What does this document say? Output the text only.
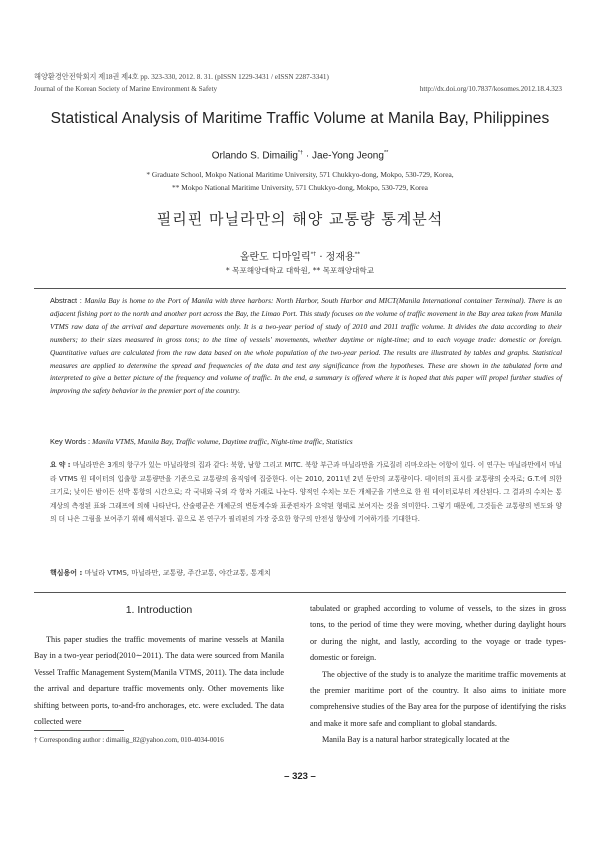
해양환경안전학회지 제18권 제4호 pp. 323-330, 2012. 8. 31. (pISSN 1229-3431 / eISSN 2287-3341)
Journal of the Korean Society of Marine Environment & Safety	http://dx.doi.org/10.7837/kosomes.2012.18.4.323
Statistical Analysis of Maritime Traffic Volume at Manila Bay, Philippines
Orlando S. Dimailig*† · Jae-Yong Jeong**
* Graduate School, Mokpo National Maritime University, 571 Chukkyo-dong, Mokpo, 530-729, Korea,
** Mokpo National Maritime University, 571 Chukkyo-dong, Mokpo, 530-729, Korea
필리핀 마닐라만의 해양 교통량 통계분석
올란도 디마일릭*† · 정재용**
* 목포해양대학교 대학원, ** 목포해양대학교
Abstract : Manila Bay is home to the Port of Manila with three harbors: North Harbor, South Harbor and MICT(Manila International container Terminal). There is an adjacent fishing port to the north and another port across the Bay, the Limao Port. This study focuses on the volume of traffic movement in the Bay area taken from Manila VTMS raw data of the arrival and departure movements only. It is a two-year period of study of 2010 and 2011 traffic volume. It divides the data according to their numbers; to their sizes measured in gross tons; to the time of vessels' movements, whether daytime or night-time; and to each voyage trade: domestic or foreign. Quantitative values are calculated from the raw data based on the whole population of the two-year period. The results are illustrated by tables and graphs. Statistical measures are applied to determine the spread and frequencies of the data and test any significance from the hypotheses. These are shown in the tabulated form and interpreted to give a better picture of the frequency and volume of traffic. In the end, a summary is offered where it is hoped that this paper will propel further studies of improving the safety behavior in the premier port of the country.
Key Words : Manila VTMS, Manila Bay, Traffic volume, Daytime traffic, Night-time traffic, Statistics
요 약 : 마닐라만은 3개의 항구가 있는 마닐라항의 집과 같다: 북항, 남항 그리고 MITC. 북항 부근과 마닐라만을 가로질러 리마오라는 어항이 있다. 이 연구는 마닐라만에서 마닐라 VTMS 원 데이터의 입출항 교통량만을 기준으로 교통량의 움직임에 집중한다. 이는 2010, 2011년 2년 동안의 교통량이다. 데이터의 표시를 교통량의 숫자로; G.T.에 의한 크기로; 낮이든 밤이든 선박 통항의 시간으로; 각 국내와 국외 각 항차 거래로 나눈다. 양적인 수치는 모든 개체군을 기반으로 한 원 데이터로부터 계산된다. 그 결과의 수치는 통계상의 측정된 표와 그래프에 의해 나타난다, 산술평균은 개체군의 변동계수와 표준편차가 요약된 형태로 보여지는 것을 의미한다. 그렇기 때문에, 그것들은 교통량의 빈도와 양의 더 나은 그림을 보여주기 위해 해석된다. 끝으로 본 연구가 필리핀의 가장 중요한 항구의 안전성 향상에 기여하기를 기대한다.
핵심용어 : 마닐라 VTMS, 마닐라만, 교통량, 주간교통, 야간교통, 통계치
1. Introduction

This paper studies the traffic movements of marine vessels at Manila Bay in a two-year period(2010∼2011). The data were sourced from Manila Vessel Traffic Management System(Manila VTMS, 2011). The data include the arrival and departure traffic movements only. Other movements like shifting between ports, to-and-fro anchorages, etc. were excluded. The data collected were

tabulated or graphed according to volume of vessels, to the sizes in gross tons, to the period of time they were moving, whether during daylight hours or during the night, and lastly, according to the voyage or trade types-domestic or foreign.

The objective of the study is to analyze the maritime traffic movements at the premier maritime port of the country. It also aims to initiate more comprehensive studies of the Bay area for the purpose of identifying the risks and make it more safe and compliant to global standards.

Manila Bay is a natural harbor strategically located at the

† Corresponding author : dimailig_82@yahoo.com, 010-4034-0016
– 323 –
